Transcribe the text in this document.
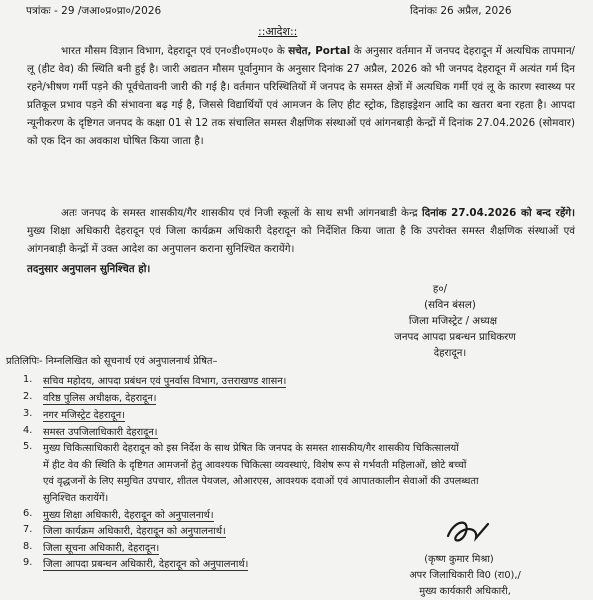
पत्रांकः - 29 /जआ०प्र०प्रा०/2026	दिनांकः 26 अप्रैल, 2026
::आदेश::
भारत मौसम विज्ञान विभाग, देहरादून एवं एन०डी०एम०ए० के सचेत, Portal के अनुसार वर्तमान में जनपद देहरादून में अत्यधिक तापमान/लू (हीट वेव) की स्थिति बनी हुई है। जारी अद्यतन मौसम पूर्वानुमान के अनुसार दिनांक 27 अप्रैल, 2026 को भी जनपद देहरादून में अत्यंत गर्म दिन रहने/भीषण गर्मी पड़ने की पूर्वचेतावनी जारी की गई है। वर्तमान परिस्थितियों में जनपद के समस्त क्षेत्रों में अत्यधिक गर्मी एवं लू के कारण स्वास्थ्य पर प्रतिकूल प्रभाव पड़ने की संभावना बढ़ गई है, जिससे विद्यार्थियों एवं आमजन के लिए हीट स्ट्रोक, डिहाइड्रेशन आदि का खतरा बना रहता है। आपदा न्यूनीकरण के दृष्टिगत जनपद के कक्षा 01 से 12 तक संचालित समस्त शैक्षणिक संस्थाओं एवं आंगनबाड़ी केन्द्रों में दिनांक 27.04.2026 (सोमवार) को एक दिन का अवकाश घोषित किया जाता है।
अतः जनपद के समस्त शासकीय/गैर शासकीय एवं निजी स्कूलों के साथ सभी आंगनबाडी केन्द्र दिनांक 27.04.2026 को बन्द रहेंगे। मुख्य शिक्षा अधिकारी देहरादून एवं जिला कार्यक्रम अधिकारी देहरादून को निर्देशित किया जाता है कि उपरोक्त समस्त शैक्षणिक संस्थाओं एवं आंगनबाड़ी केन्द्रों में उक्त आदेश का अनुपालन कराना सुनिश्चित करायेंगे।
तदनुसार अनुपालन सुनिश्चित हो।
ह०/
(सविन बंसल)
जिला मजिस्ट्रेट / अध्यक्ष
जनपद आपदा प्रबन्धन प्राधिकरण
देहरादून।
प्रतिलिपिः- निम्नलिखित को सूचनार्थ एवं अनुपालनार्थ प्रेषित–
1. सचिव महोदय, आपदा प्रबंधन एवं पुनर्वास विभाग, उत्तराखण्ड शासन।
2. वरिष्ठ पुलिस अधीक्षक, देहरादून।
3. नगर मजिस्ट्रेट देहरादून।
4. समस्त उपजिलाधिकारी देहरादून।
5. मुख्य चिकित्साधिकारी देहरादून को इस निर्देश के साथ प्रेषित कि जनपद के समस्त शासकीय/गैर शासकीय चिकित्सालयों
में हीट वेव की स्थिति के दृष्टिगत आमजनों हेतु आवश्यक चिकित्सा व्यवस्थाएं, विशेष रूप से गर्भवती महिलाओं, छोटे बच्चों
एवं वृद्धजनों के लिए समुचित उपचार, शीतल पेयजल, ओआरएस, आवश्यक दवाओं एवं आपातकालीन सेवाओं की उपलब्धता
सुनिश्चित करायेंगें।
6. मुख्य शिक्षा अधिकारी, देहरादून को अनुपालनार्थ।
7. जिला कार्यक्रम अधिकारी, देहरादून को अनुपालनार्थ।
8. जिला सूचना अधिकारी, देहरादून।
9. जिला आपदा प्रबन्धन अधिकारी, देहरादून को अनुपालनार्थ।	(कृष्ण कुमार मिश्रा)
अपर जिलाधिकारी वि0 (रा0),/
मुख्य कार्यकारी अधिकारी,
